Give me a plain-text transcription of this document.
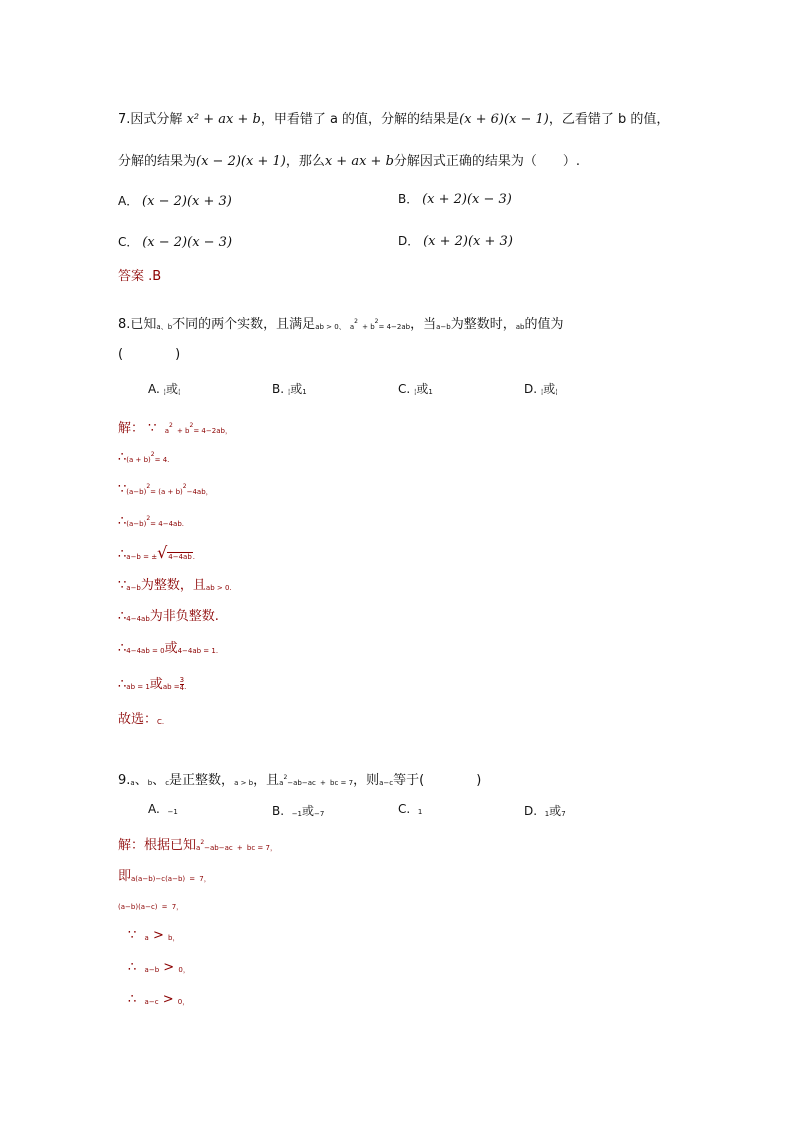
7.因式分解 x² + ax + b，甲看错了 a 的值，分解的结果是(x + 6)(x − 1)，乙看错了 b 的值，
分解的结果为(x − 2)(x + 1)，那么x + ax + b分解因式正确的结果为（　　）.
A． (x − 2)(x + 3)	B． (x + 2)(x − 3)
C． (x − 2)(x − 3)	D． (x + 2)(x + 3)
答案 .B
8.已知a、b不同的两个实数，且满足ab > 0、 $a^2 + b^2= 4-2ab$，当a−b为整数时，ab的值为
(　　　　)
A. ¦或¦	B. ¦或1	C. ¦或1	D. ¦或¦
解： ∵ $a^2 + b^2= 4-2ab$，
∴(a + b)$^2$= 4.
$\because(a-b)^2= (a + b)^2-4ab$，
$\therefore(a-b)^2= 4-4ab$.
∴a−b = ±√4−4ab.
∵a−b为整数，且ab > 0.
∴4−4ab为非负整数.
∴4−4ab = 0或4−4ab = 1.
∴ab = 1或ab = $\frac{3}{4}$ .
故选：C.
9.a、b、c是正整数，a > b，且$a^2-ab-ac$ + bc = 7，则a−c等于(　　　　)
A. −1	B. −1或−7	C. 1	D. 1或7
解：根据已知$a^2-ab-ac$ + bc = 7，
即a(a−b)−c(a−b) = 7，
(a−b)(a−c) = 7，
∵ a > b，
∴ a−b > 0，
∴ a−c > 0，
